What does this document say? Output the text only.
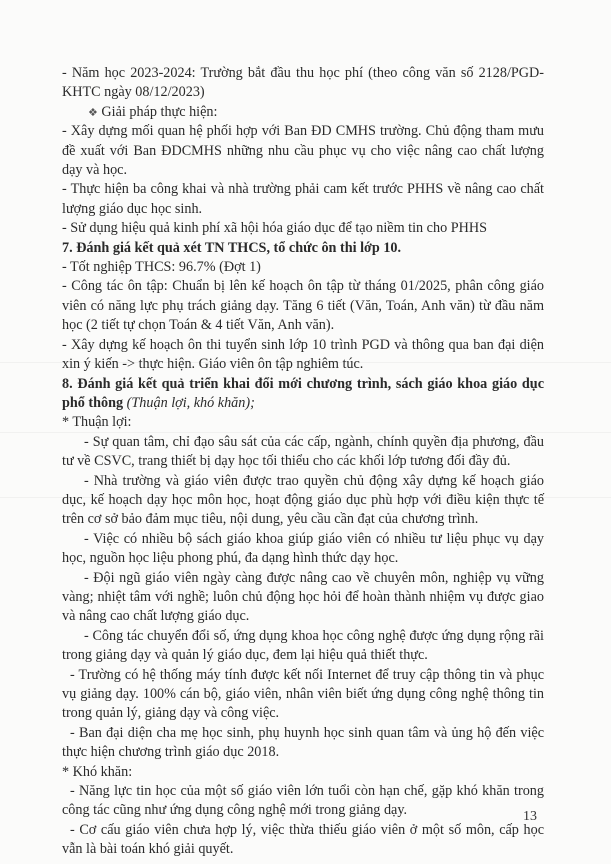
- Năm học 2023-2024: Trường bắt đầu thu học phí (theo công văn số 2128/PGD-KHTC ngày 08/12/2023)

❖ Giải pháp thực hiện:

- Xây dựng mối quan hệ phối hợp với Ban ĐD CMHS trường. Chủ động tham mưu đề xuất với Ban ĐDCMHS những nhu cầu phục vụ cho việc nâng cao chất lượng dạy và học.

- Thực hiện ba công khai và nhà trường phải cam kết trước PHHS về nâng cao chất lượng giáo dục học sinh.

- Sử dụng hiệu quả kinh phí xã hội hóa giáo dục để tạo niềm tin cho PHHS

7. Đánh giá kết quả xét TN THCS, tổ chức ôn thi lớp 10.

- Tốt nghiệp THCS: 96.7% (Đợt 1)

- Công tác ôn tập: Chuẩn bị lên kế hoạch ôn tập từ tháng 01/2025, phân công giáo viên có năng lực phụ trách giảng dạy. Tăng 6 tiết (Văn, Toán, Anh văn) từ đầu năm học (2 tiết tự chọn Toán & 4 tiết Văn, Anh văn).

- Xây dựng kế hoạch ôn thi tuyển sinh lớp 10 trình PGD và thông qua ban đại diện xin ý kiến -> thực hiện. Giáo viên ôn tập nghiêm túc.

8. Đánh giá kết quả triển khai đổi mới chương trình, sách giáo khoa giáo dục phổ thông (Thuận lợi, khó khăn);

* Thuận lợi:

- Sự quan tâm, chỉ đạo sâu sát của các cấp, ngành, chính quyền địa phương, đầu tư về CSVC, trang thiết bị dạy học tối thiểu cho các khối lớp tương đối đầy đủ.

- Nhà trường và giáo viên được trao quyền chủ động xây dựng kế hoạch giáo dục, kế hoạch dạy học môn học, hoạt động giáo dục phù hợp với điều kiện thực tế trên cơ sở bảo đảm mục tiêu, nội dung, yêu cầu cần đạt của chương trình.

- Việc có nhiều bộ sách giáo khoa giúp giáo viên có nhiều tư liệu phục vụ dạy học, nguồn học liệu phong phú, đa dạng hình thức dạy học.

- Đội ngũ giáo viên ngày càng được nâng cao về chuyên môn, nghiệp vụ vững vàng; nhiệt tâm với nghề; luôn chủ động học hỏi để hoàn thành nhiệm vụ được giao và nâng cao chất lượng giáo dục.

- Công tác chuyển đổi số, ứng dụng khoa học công nghệ được ứng dụng rộng rãi trong giảng dạy và quản lý giáo dục, đem lại hiệu quả thiết thực.

- Trường có hệ thống máy tính được kết nối Internet để truy cập thông tin và phục vụ giảng dạy. 100% cán bộ, giáo viên, nhân viên biết ứng dụng công nghệ thông tin trong quản lý, giảng dạy và công việc.

- Ban đại diện cha mẹ học sinh, phụ huynh học sinh quan tâm và ủng hộ đến việc thực hiện chương trình giáo dục 2018.

* Khó khăn:

- Năng lực tin học của một số giáo viên lớn tuổi còn hạn chế, gặp khó khăn trong công tác cũng như ứng dụng công nghệ mới trong giảng dạy.

- Cơ cấu giáo viên chưa hợp lý, việc thừa thiếu giáo viên ở một số môn, cấp học vẫn là bài toán khó giải quyết.

13
